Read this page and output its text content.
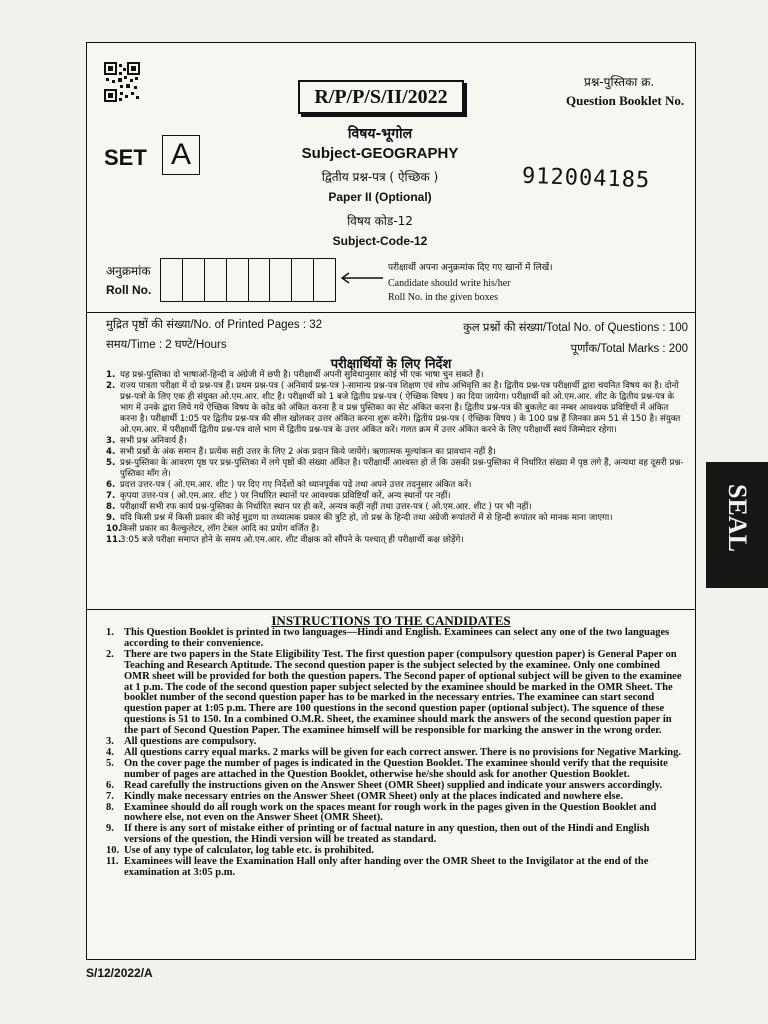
R/P/P/S/II/2022
प्रश्न-पुस्तिका क्र.
Question Booklet No.
SET A
विषय-भूगोल
Subject-GEOGRAPHY
द्वितीय प्रश्न-पत्र ( ऐच्छिक )
Paper II (Optional)
विषय कोड-12
Subject-Code-12
912004185
अनुक्रमांक
Roll No.
परीक्षार्थी अपना अनुक्रमांक दिए गए खानों में लिखें।
Candidate should write his/her
Roll No. in the given boxes
मुद्रित पृष्ठों की संख्या/No. of Printed Pages : 32	कुल प्रश्नों की संख्या/Total No. of Questions : 100
समय/Time : 2 घण्टे/Hours	पूर्णांक/Total Marks : 200
परीक्षार्थियों के लिए निर्देश
1. यह प्रश्न-पुस्तिका दो भाषाओं-हिन्दी व अंग्रेजी में छपी है। परीक्षार्थी अपनी सुविधानुसार कोई भी एक भाषा चुन सकते हैं।
2. राज्य पात्रता परीक्षा में दो प्रश्न-पत्र हैं। प्रथम प्रश्न-पत्र ( अनिवार्य प्रश्न-पत्र )-सामान्य प्रश्न-पत्र शिक्षण एवं शोध अभिवृत्ति का है। द्वितीय प्रश्न-पत्र परीक्षार्थी द्वारा चयनित विषय का है। दोनों प्रश्न-पत्रों के लिए एक ही संयुक्त ओ.एम.आर. शीट है। परीक्षार्थी को 1 बजे द्वितीय प्रश्न-पत्र ( ऐच्छिक विषय ) का दिया जायेगा। परीक्षार्थी को ओ.एम.आर. शीट के द्वितीय प्रश्न-पत्र के भाग में उनके द्वारा लिये गये ऐच्छिक विषय के कोड को अंकित करना है व प्रश्न पुस्तिका का सेट अंकित करना है। द्वितीय प्रश्न-पत्र की बुकलेट का नम्बर आवश्यक प्रविष्टियों में अंकित करना है। परीक्षार्थी 1:05 पर द्वितीय प्रश्न-पत्र की सील खोलकर उत्तर अंकित करना शुरू करेंगे। द्वितीय प्रश्न-पत्र ( ऐच्छिक विषय ) के 100 प्रश्न हैं जिनका क्रम 51 से 150 है। संयुक्त ओ.एम.आर. में परीक्षार्थी द्वितीय प्रश्न-पत्र वाले भाग में द्वितीय प्रश्न-पत्र के उत्तर अंकित करें। गलत क्रम में उत्तर अंकित करने के लिए परीक्षार्थी स्वयं जिम्मेदार रहेगा।
3. सभी प्रश्न अनिवार्य हैं।
4. सभी प्रश्नों के अंक समान हैं। प्रत्येक सही उत्तर के लिए 2 अंक प्रदान किये जायेंगे। ऋणात्मक मूल्यांकन का प्रावधान नहीं है।
5. प्रश्न-पुस्तिका के आवरण पृष्ठ पर प्रश्न-पुस्तिका में लगे पृष्ठों की संख्या अंकित है। परीक्षार्थी आश्वस्त हो लें कि उसकी प्रश्न-पुस्तिका में निर्धारित संख्या में पृष्ठ लगे हैं, अन्यथा वह दूसरी प्रश्न-पुस्तिका माँग ले।
6. प्रदत्त उत्तर-पत्र ( ओ.एम.आर. शीट ) पर दिए गए निर्देशों को ध्यानपूर्वक पढ़ें तथा अपने उत्तर तदनुसार अंकित करें।
7. कृपया उत्तर-पत्र ( ओ.एम.आर. शीट ) पर निर्धारित स्थानों पर आवश्यक प्रविष्टियाँ करें, अन्य स्थानों पर नहीं।
8. परीक्षार्थी सभी रफ कार्य प्रश्न-पुस्तिका के निर्धारित स्थान पर ही करें, अन्यत्र कहीं नहीं तथा उत्तर-पत्र ( ओ.एम.आर. शीट ) पर भी नहीं।
9. यदि किसी प्रश्न में किसी प्रकार की कोई मुद्रण या तथ्यात्मक प्रकार की त्रुटि हो, तो प्रश्न के हिन्दी तथा अंग्रेजी रूपांतरों में से हिन्दी रूपांतर को मानक माना जाएगा।
10.
किसी प्रकार का कैल्कुलेटर, लॉग टेबल आदि का प्रयोग वर्जित है।
11.
3:05 बजे परीक्षा समाप्त होने के समय ओ.एम.आर. शीट वीक्षक को सौंपने के पश्चात् ही परीक्षार्थी कक्ष छोड़ेंगे।
INSTRUCTIONS TO THE CANDIDATES
1. This Question Booklet is printed in two languages—Hindi and English. Examinees can select any one of the two languages according to their convenience.
2. There are two papers in the State Eligibility Test. The first question paper (compulsory question paper) is General Paper on Teaching and Research Aptitude. The second question paper is the subject selected by the examinee. Only one combined OMR sheet will be provided for both the question papers. The Second paper of optional subject will be given to the examinee at 1 p.m. The code of the second question paper subject selected by the examinee should be marked in the OMR Sheet. The booklet number of the second question paper has to be marked in the necessary entries. The examinee can start second question paper at 1:05 p.m. There are 100 questions in the second question paper (optional subject). The squence of these questions is 51 to 150. In a combined O.M.R. Sheet, the examinee should mark the answers of the second question paper in the part of Second Question Paper. The examinee himself will be responsible for marking the answer in the wrong order.
3. All questions are compulsory.
4. All questions carry equal marks. 2 marks will be given for each correct answer. There is no provisions for Negative Marking.
5. On the cover page the number of pages is indicated in the Question Booklet. The examinee should verify that the requisite number of pages are attached in the Question Booklet, otherwise he/she should ask for another Question Booklet.
6. Read carefully the instructions given on the Answer Sheet (OMR Sheet) supplied and indicate your answers accordingly.
7. Kindly make necessary entries on the Answer Sheet (OMR Sheet) only at the places indicated and nowhere else.
8. Examinee should do all rough work on the spaces meant for rough work in the pages given in the Question Booklet and nowhere else, not even on the Answer Sheet (OMR Sheet).
9. If there is any sort of mistake either of printing or of factual nature in any question, then out of the Hindi and English versions of the question, the Hindi version will be treated as standard.
10. Use of any type of calculator, log table etc. is prohibited.
11. Examinees will leave the Examination Hall only after handing over the OMR Sheet to the Invigilator at the end of the examination at 3:05 p.m.
S/12/2022/A
SEAL
